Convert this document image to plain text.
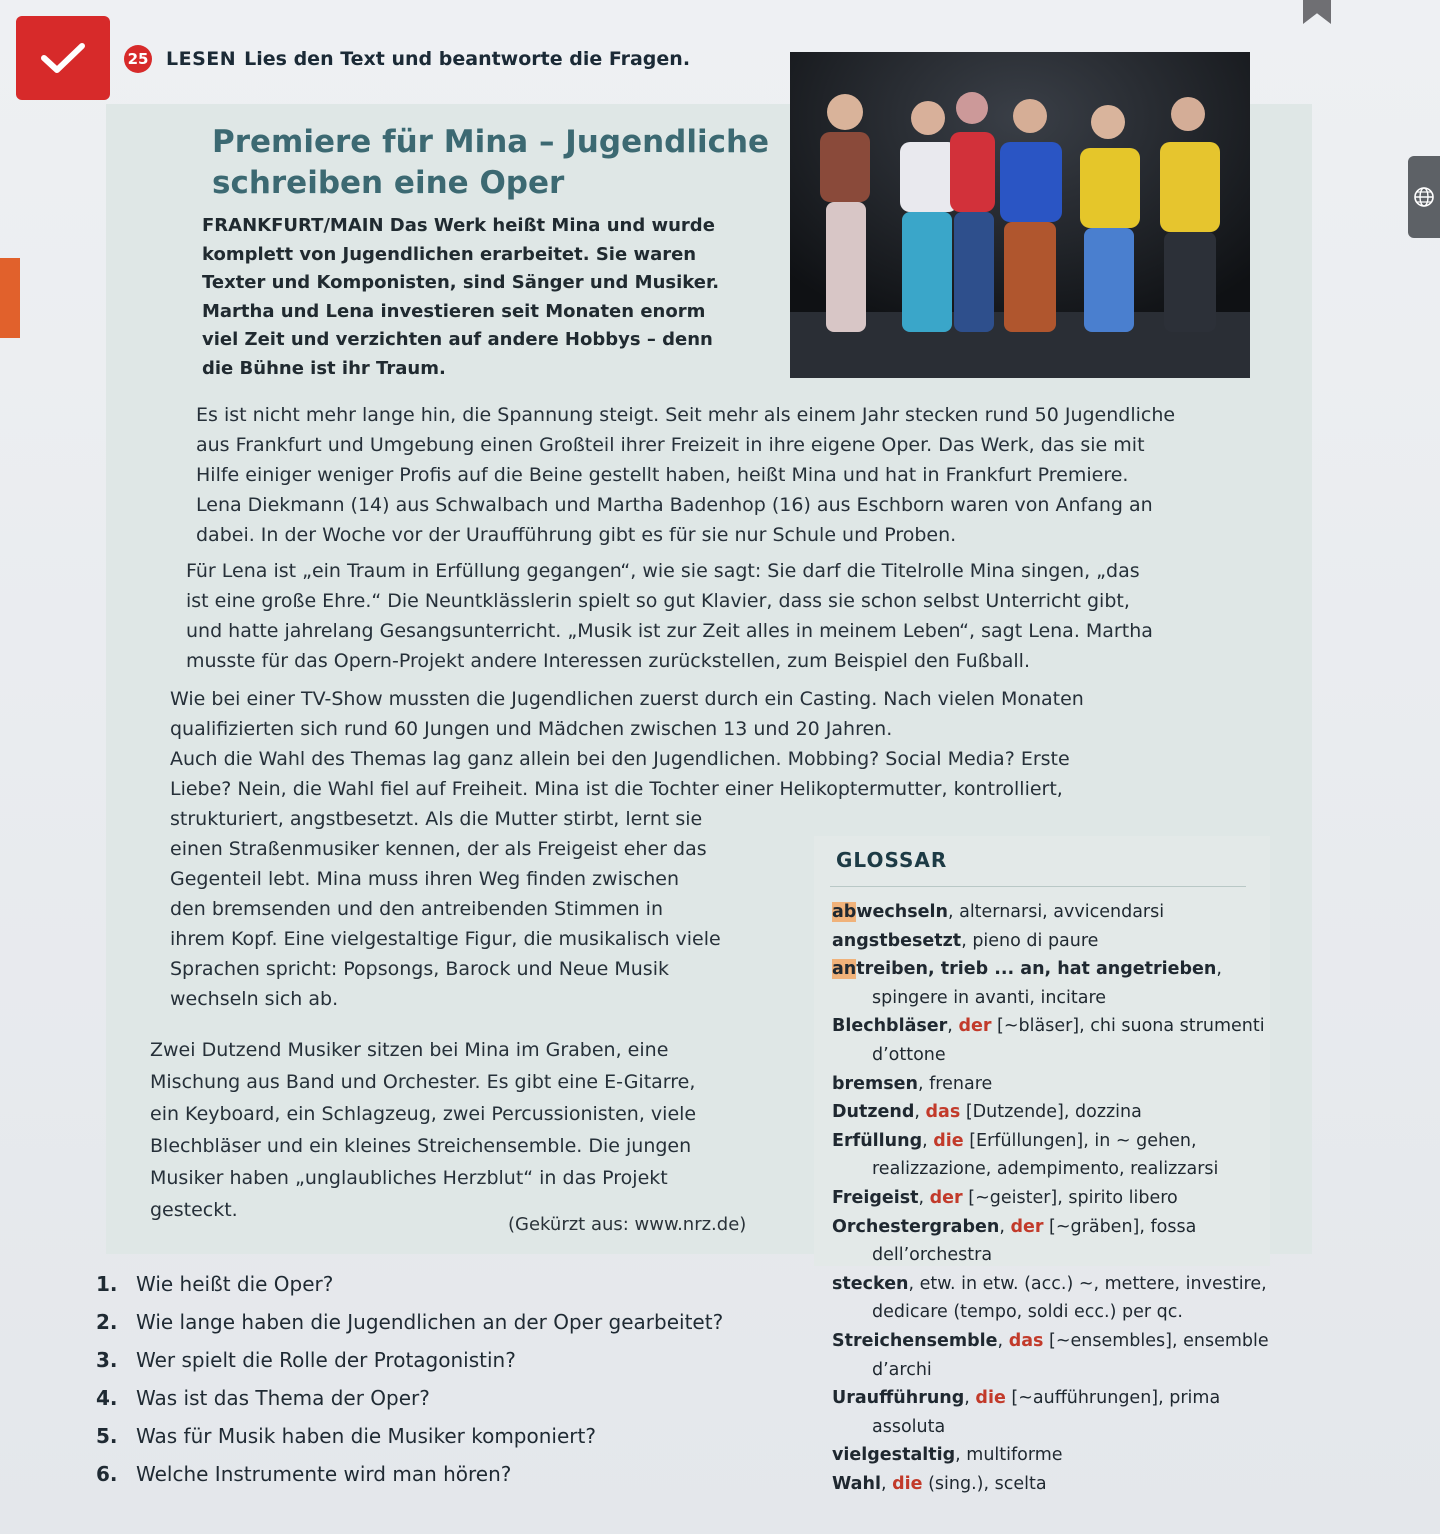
25 LESEN Lies den Text und beantworte die Fragen.
Premiere für Mina – Jugendliche
schreiben eine Oper
FRANKFURT/MAIN Das Werk heißt Mina und wurde
komplett von Jugendlichen erarbeitet. Sie waren
Texter und Komponisten, sind Sänger und Musiker.
Martha und Lena investieren seit Monaten enorm
viel Zeit und verzichten auf andere Hobbys – denn
die Bühne ist ihr Traum.
Es ist nicht mehr lange hin, die Spannung steigt. Seit mehr als einem Jahr stecken rund 50 Jugendliche
aus Frankfurt und Umgebung einen Großteil ihrer Freizeit in ihre eigene Oper. Das Werk, das sie mit
Hilfe einiger weniger Profis auf die Beine gestellt haben, heißt Mina und hat in Frankfurt Premiere.
Lena Diekmann (14) aus Schwalbach und Martha Badenhop (16) aus Eschborn waren von Anfang an
dabei. In der Woche vor der Uraufführung gibt es für sie nur Schule und Proben.
Für Lena ist „ein Traum in Erfüllung gegangen“, wie sie sagt: Sie darf die Titelrolle Mina singen, „das
ist eine große Ehre.“ Die Neuntklässlerin spielt so gut Klavier, dass sie schon selbst Unterricht gibt,
und hatte jahrelang Gesangsunterricht. „Musik ist zur Zeit alles in meinem Leben“, sagt Lena. Martha
musste für das Opern-Projekt andere Interessen zurückstellen, zum Beispiel den Fußball.
Wie bei einer TV-Show mussten die Jugendlichen zuerst durch ein Casting. Nach vielen Monaten
qualifizierten sich rund 60 Jungen und Mädchen zwischen 13 und 20 Jahren.
Auch die Wahl des Themas lag ganz allein bei den Jugendlichen. Mobbing? Social Media? Erste
Liebe? Nein, die Wahl fiel auf Freiheit. Mina ist die Tochter einer Helikoptermutter, kontrolliert,
strukturiert, angstbesetzt. Als die Mutter stirbt, lernt sie
einen Straßenmusiker kennen, der als Freigeist eher das
Gegenteil lebt. Mina muss ihren Weg finden zwischen
den bremsenden und den antreibenden Stimmen in
ihrem Kopf. Eine vielgestaltige Figur, die musikalisch viele
Sprachen spricht: Popsongs, Barock und Neue Musik
wechseln sich ab.
Zwei Dutzend Musiker sitzen bei Mina im Graben, eine
Mischung aus Band und Orchester. Es gibt eine E-Gitarre,
ein Keyboard, ein Schlagzeug, zwei Percussionisten, viele
Blechbläser und ein kleines Streichensemble. Die jungen
Musiker haben „unglaubliches Herzblut“ in das Projekt
gesteckt.
(Gekürzt aus: www.nrz.de)
GLOSSAR
abwechseln, alternarsi, avvicendarsi
angstbesetzt, pieno di paure
antreiben, trieb ... an, hat angetrieben, spingere in avanti, incitare
Blechbläser, der [~bläser], chi suona strumenti d’ottone
bremsen, frenare
Dutzend, das [Dutzende], dozzina
Erfüllung, die [Erfüllungen], in ~ gehen, realizzazione, adempimento, realizzarsi
Freigeist, der [~geister], spirito libero
Orchestergraben, der [~gräben], fossa dell’orchestra
stecken, etw. in etw. (acc.) ~, mettere, investire, dedicare (tempo, soldi ecc.) per qc.
Streichensemble, das [~ensembles], ensemble d’archi
Uraufführung, die [~aufführungen], prima assoluta
vielgestaltig, multiforme
Wahl, die (sing.), scelta
1. Wie heißt die Oper?
2. Wie lange haben die Jugendlichen an der Oper gearbeitet?
3. Wer spielt die Rolle der Protagonistin?
4. Was ist das Thema der Oper?
5. Was für Musik haben die Musiker komponiert?
6. Welche Instrumente wird man hören?
